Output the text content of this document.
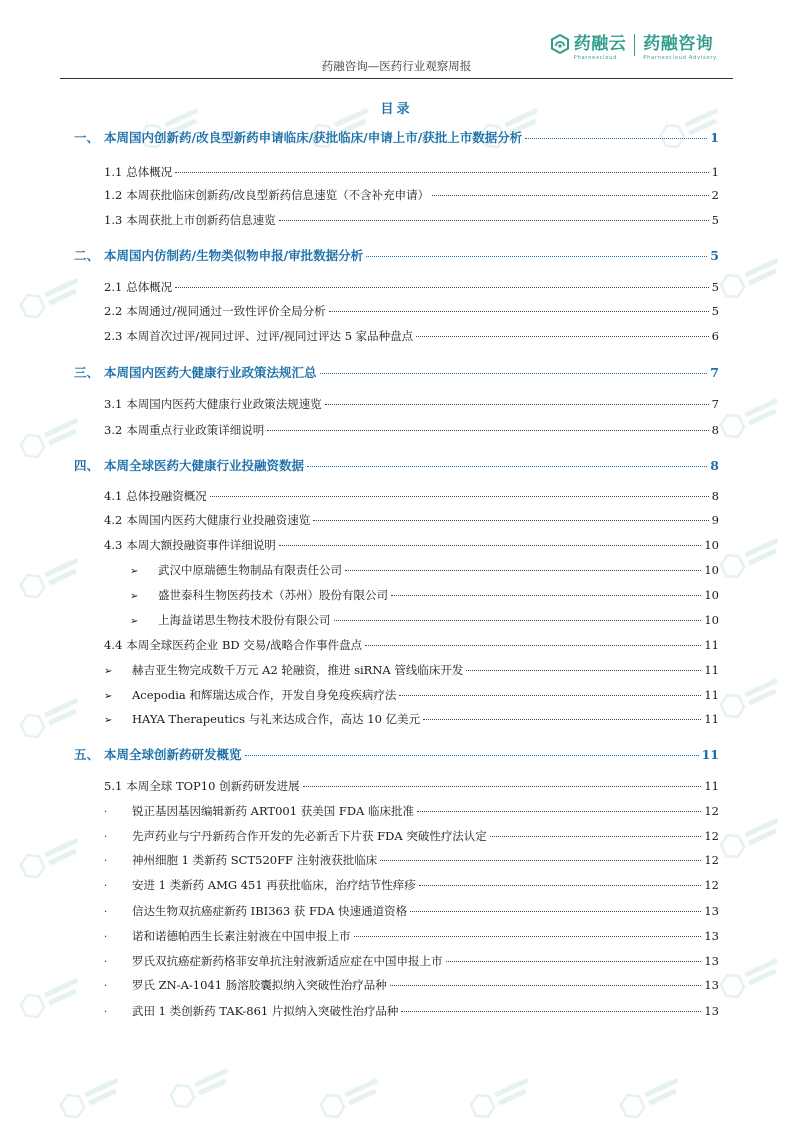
药融云
Pharnexcloud
药融咨询
Pharnexcloud Advisory
药融咨询—医药行业观察周报
目录
一、 本周国内创新药/改良型新药申请临床/获批临床/申请上市/获批上市数据分析	1
1.1 总体概况	1
1.2 本周获批临床创新药/改良型新药信息速览（不含补充申请）	2
1.3 本周获批上市创新药信息速览	5
二、 本周国内仿制药/生物类似物申报/审批数据分析	5
2.1 总体概况	5
2.2 本周通过/视同通过一致性评价全局分析	5
2.3 本周首次过评/视同过评、过评/视同过评达 5 家品种盘点	6
三、 本周国内医药大健康行业政策法规汇总	7
3.1 本周国内医药大健康行业政策法规速览	7
3.2 本周重点行业政策详细说明	8
四、 本周全球医药大健康行业投融资数据	8
4.1 总体投融资概况	8
4.2 本周国内医药大健康行业投融资速览	9
4.3 本周大额投融资事件详细说明	10
➢ 武汉中原瑞德生物制品有限责任公司	10
➢ 盛世泰科生物医药技术（苏州）股份有限公司	10
➢ 上海益诺思生物技术股份有限公司	10
4.4 本周全球医药企业 BD 交易/战略合作事件盘点	11
➢ 赫吉亚生物完成数千万元 A2 轮融资，推进 siRNA 管线临床开发	11
➢ Acepodia 和辉瑞达成合作，开发自身免疫疾病疗法	11
➢ HAYA Therapeutics 与礼来达成合作，高达 10 亿美元	11
五、 本周全球创新药研发概览	11
5.1 本周全球 TOP10 创新药研发进展	11
· 锐正基因基因编辑新药 ART001 获美国 FDA 临床批准	12
· 先声药业与宁丹新药合作开发的先必新舌下片获 FDA 突破性疗法认定	12
· 神州细胞 1 类新药 SCT520FF 注射液获批临床	12
· 安进 1 类新药 AMG 451 再获批临床，治疗结节性痒疹	12
· 信达生物双抗癌症新药 IBI363 获 FDA 快速通道资格	13
· 诺和诺德帕西生长素注射液在中国申报上市	13
· 罗氏双抗癌症新药格菲安单抗注射液新适应症在中国申报上市	13
· 罗氏 ZN-A-1041 肠溶胶囊拟纳入突破性治疗品种	13
· 武田 1 类创新药 TAK-861 片拟纳入突破性治疗品种	13
